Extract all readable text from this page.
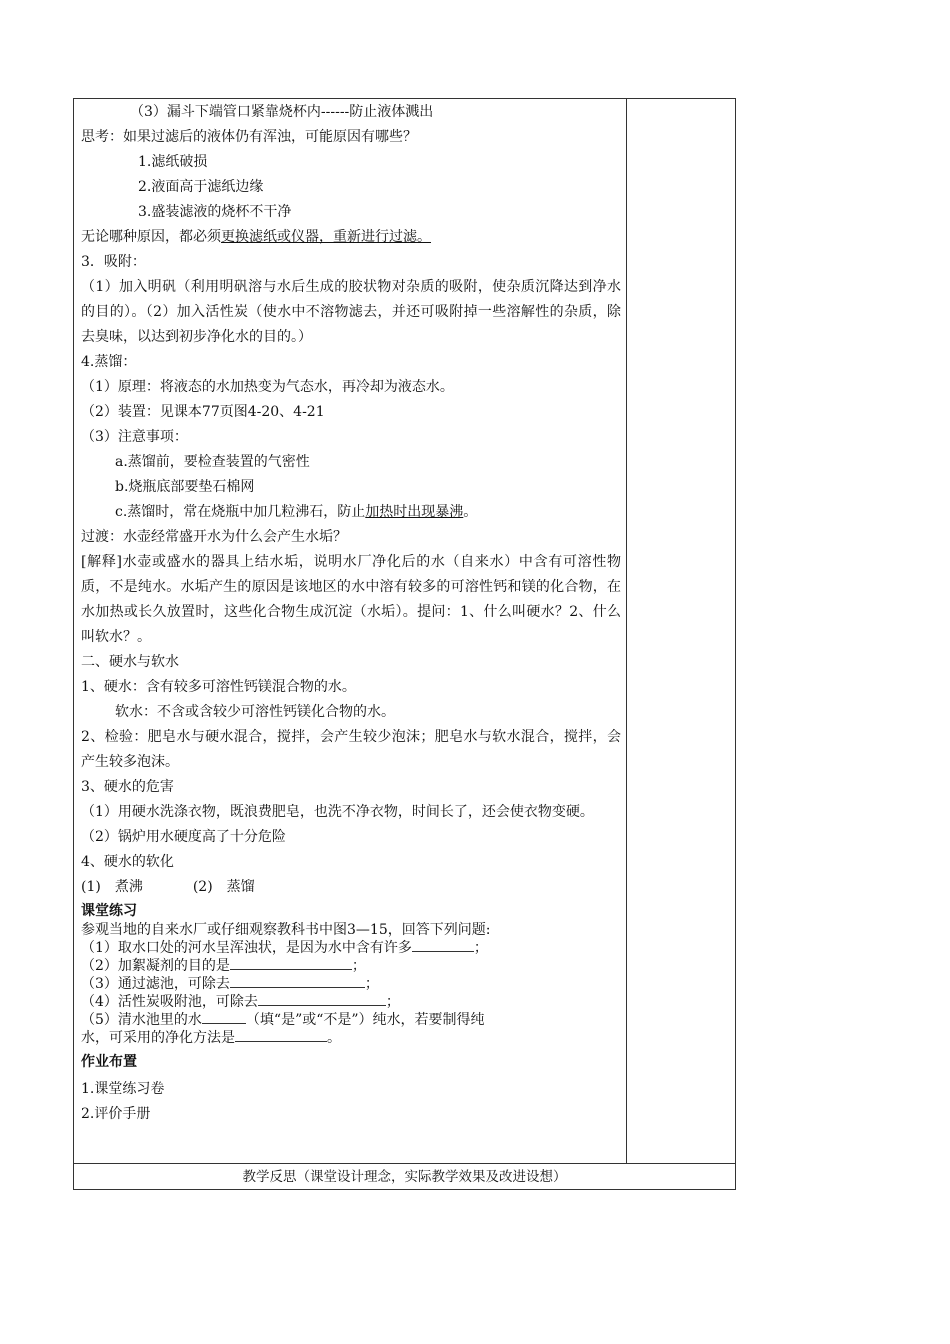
（3）漏斗下端管口紧靠烧杯内------防止液体溅出
思考：如果过滤后的液体仍有浑浊，可能原因有哪些？
1.滤纸破损
2.液面高于滤纸边缘
3.盛装滤液的烧杯不干净
无论哪种原因，都必须更换滤纸或仪器，重新进行过滤。
3．吸附：
（1）加入明矾（利用明矾溶与水后生成的胶状物对杂质的吸附，使杂质沉降达到净水的目的）。（2）加入活性炭（使水中不溶物滤去，并还可吸附掉一些溶解性的杂质，除去臭味，以达到初步净化水的目的。）
4.蒸馏：
（1）原理：将液态的水加热变为气态水，再冷却为液态水。
（2）装置：见课本77页图4-20、4-21
（3）注意事项：
a.蒸馏前，要检查装置的气密性
b.烧瓶底部要垫石棉网
c.蒸馏时，常在烧瓶中加几粒沸石，防止加热时出现暴沸。
过渡：水壶经常盛开水为什么会产生水垢？
[解释]水壶或盛水的器具上结水垢，说明水厂净化后的水（自来水）中含有可溶性物质，不是纯水。水垢产生的原因是该地区的水中溶有较多的可溶性钙和镁的化合物，在水加热或长久放置时，这些化合物生成沉淀（水垢）。提问：1、什么叫硬水？2、什么叫软水？。
二、硬水与软水
1、硬水：含有较多可溶性钙镁混合物的水。
软水：不含或含较少可溶性钙镁化合物的水。
2、检验：肥皂水与硬水混合，搅拌，会产生较少泡沫；肥皂水与软水混合，搅拌，会产生较多泡沫。
3、硬水的危害
（1）用硬水洗涤衣物，既浪费肥皂，也洗不净衣物，时间长了，还会使衣物变硬。
（2）锅炉用水硬度高了十分危险
4、硬水的软化
(1)　煮沸	(2)　蒸馏
课堂练习
参观当地的自来水厂或仔细观察教科书中图3—15，回答下列问题:
（1）取水口处的河水呈浑浊状，是因为水中含有许多	；
（2）加絮凝剂的目的是	；
（3）通过滤池，可除去	；
（4）活性炭吸附池，可除去	；
（5）清水池里的水	（填“是”或“不是”）纯水，若要制得纯
水，可采用的净化方法是	。
作业布置
1.课堂练习卷
2.评价手册
教学反思（课堂设计理念，实际教学效果及改进设想）
